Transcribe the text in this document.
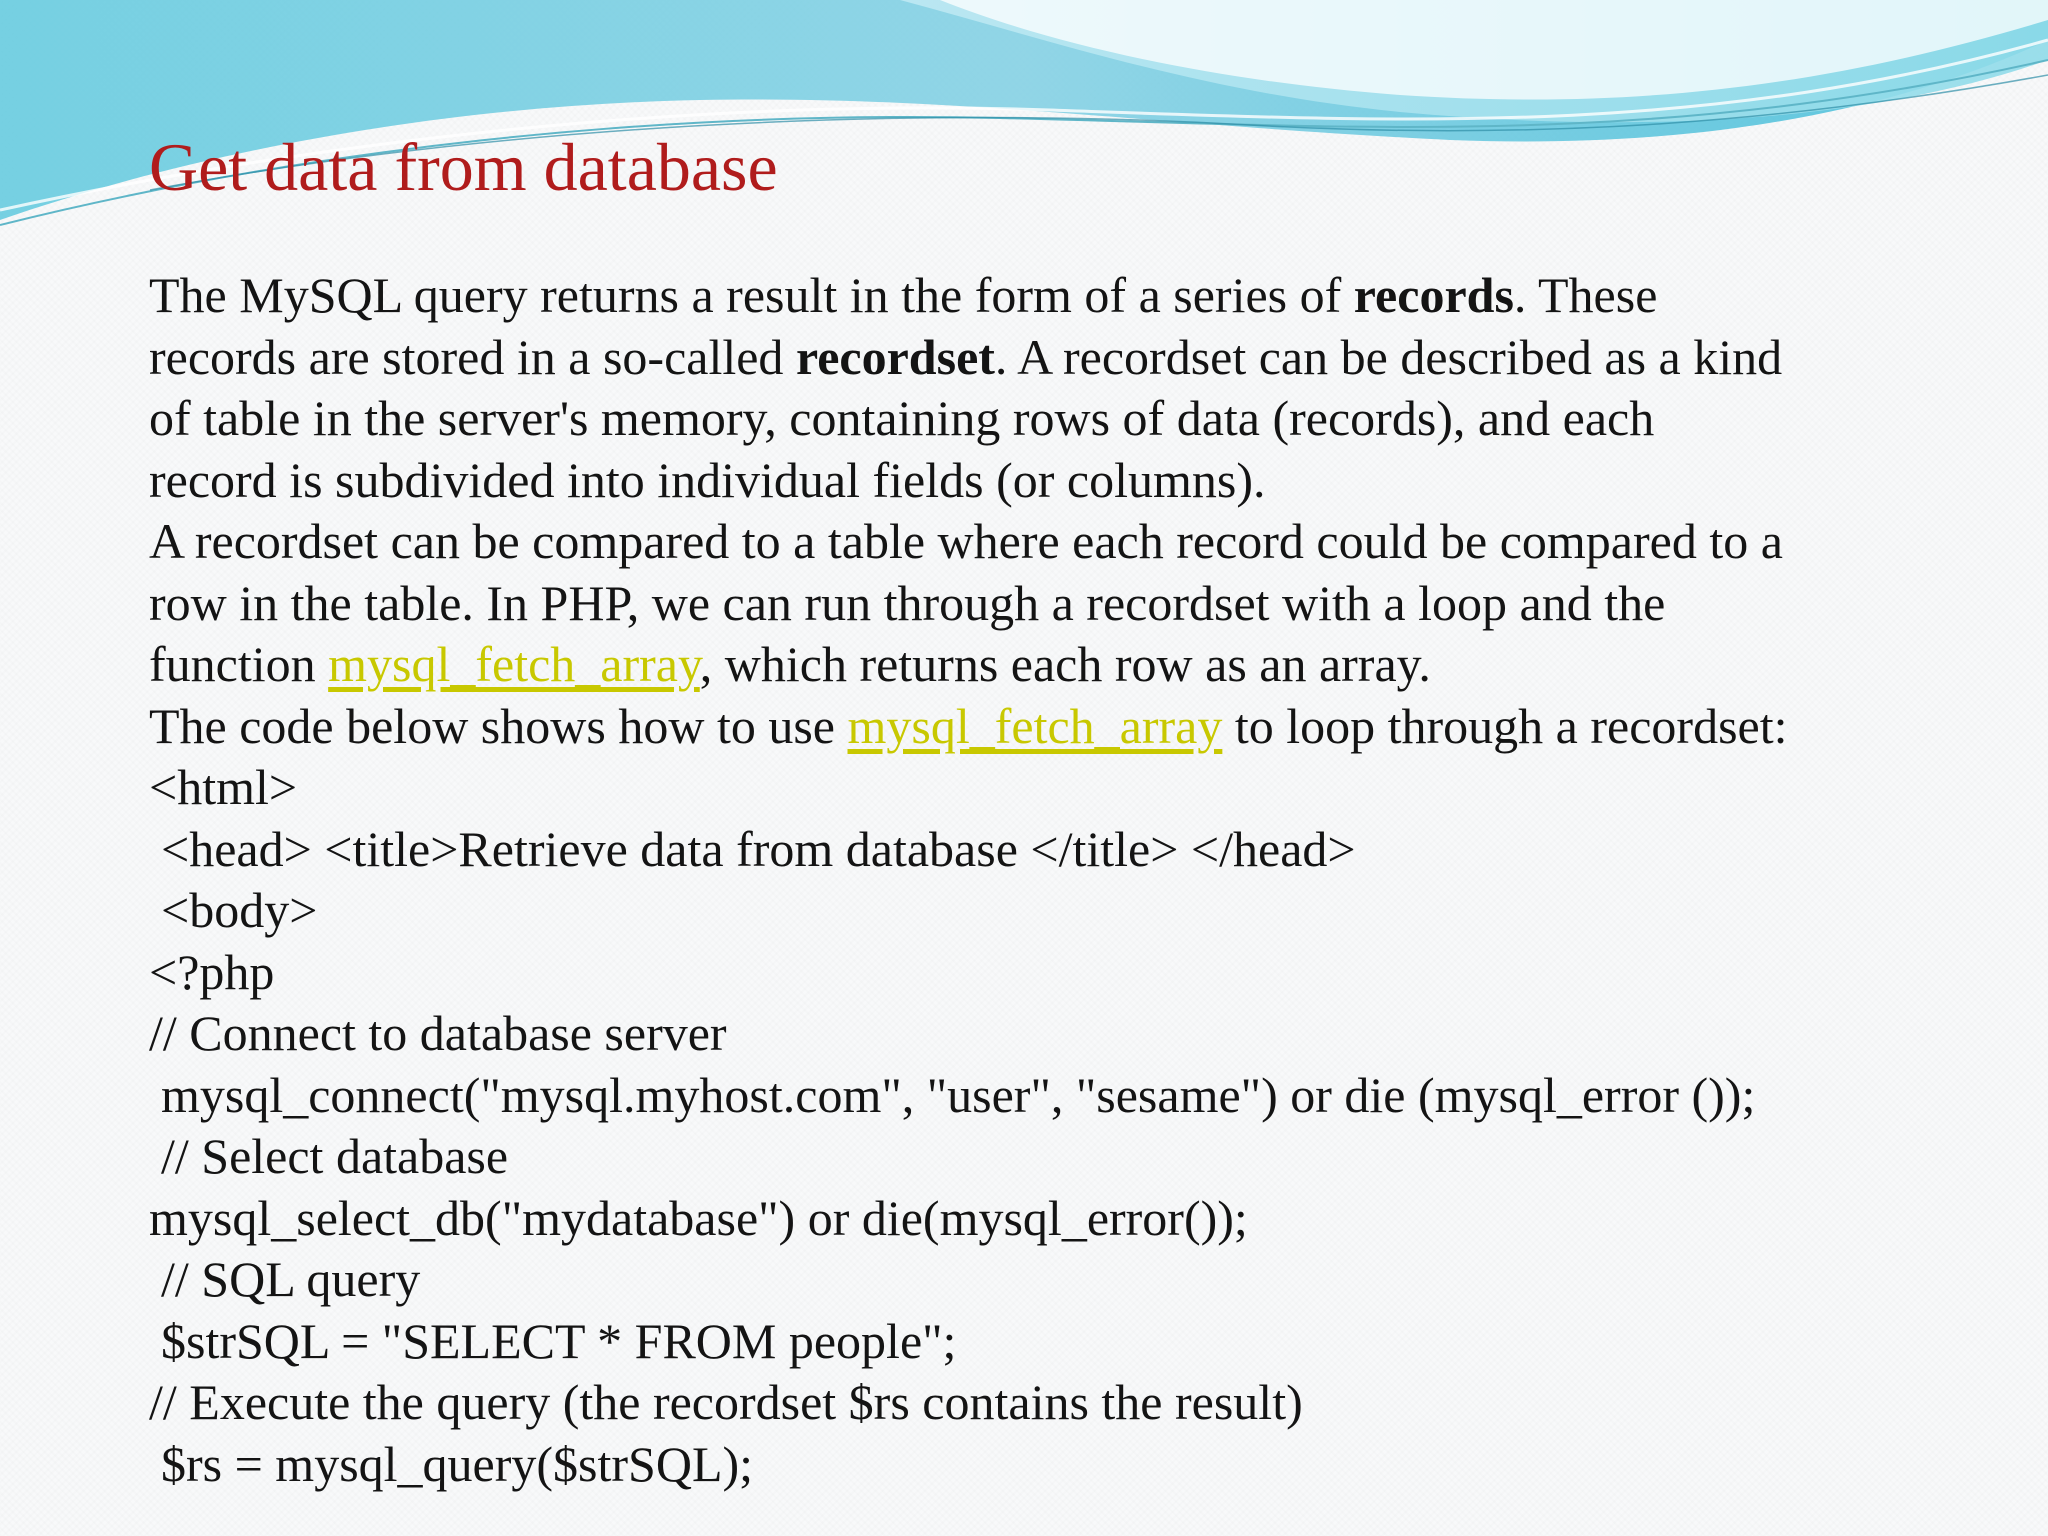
Get data from database
The MySQL query returns a result in the form of a series of records. These
records are stored in a so-called recordset. A recordset can be described as a kind
of table in the server's memory, containing rows of data (records), and each
record is subdivided into individual fields (or columns).
A recordset can be compared to a table where each record could be compared to a
row in the table. In PHP, we can run through a recordset with a loop and the
function mysql_fetch_array, which returns each row as an array.
The code below shows how to use mysql_fetch_array to loop through a recordset:
<html>
<head> <title>Retrieve data from database </title> </head>
<body>
<?php
// Connect to database server
mysql_connect("mysql.myhost.com", "user", "sesame") or die (mysql_error ());
// Select database
mysql_select_db("mydatabase") or die(mysql_error());
// SQL query
$strSQL = "SELECT * FROM people";
// Execute the query (the recordset $rs contains the result)
$rs = mysql_query($strSQL);
